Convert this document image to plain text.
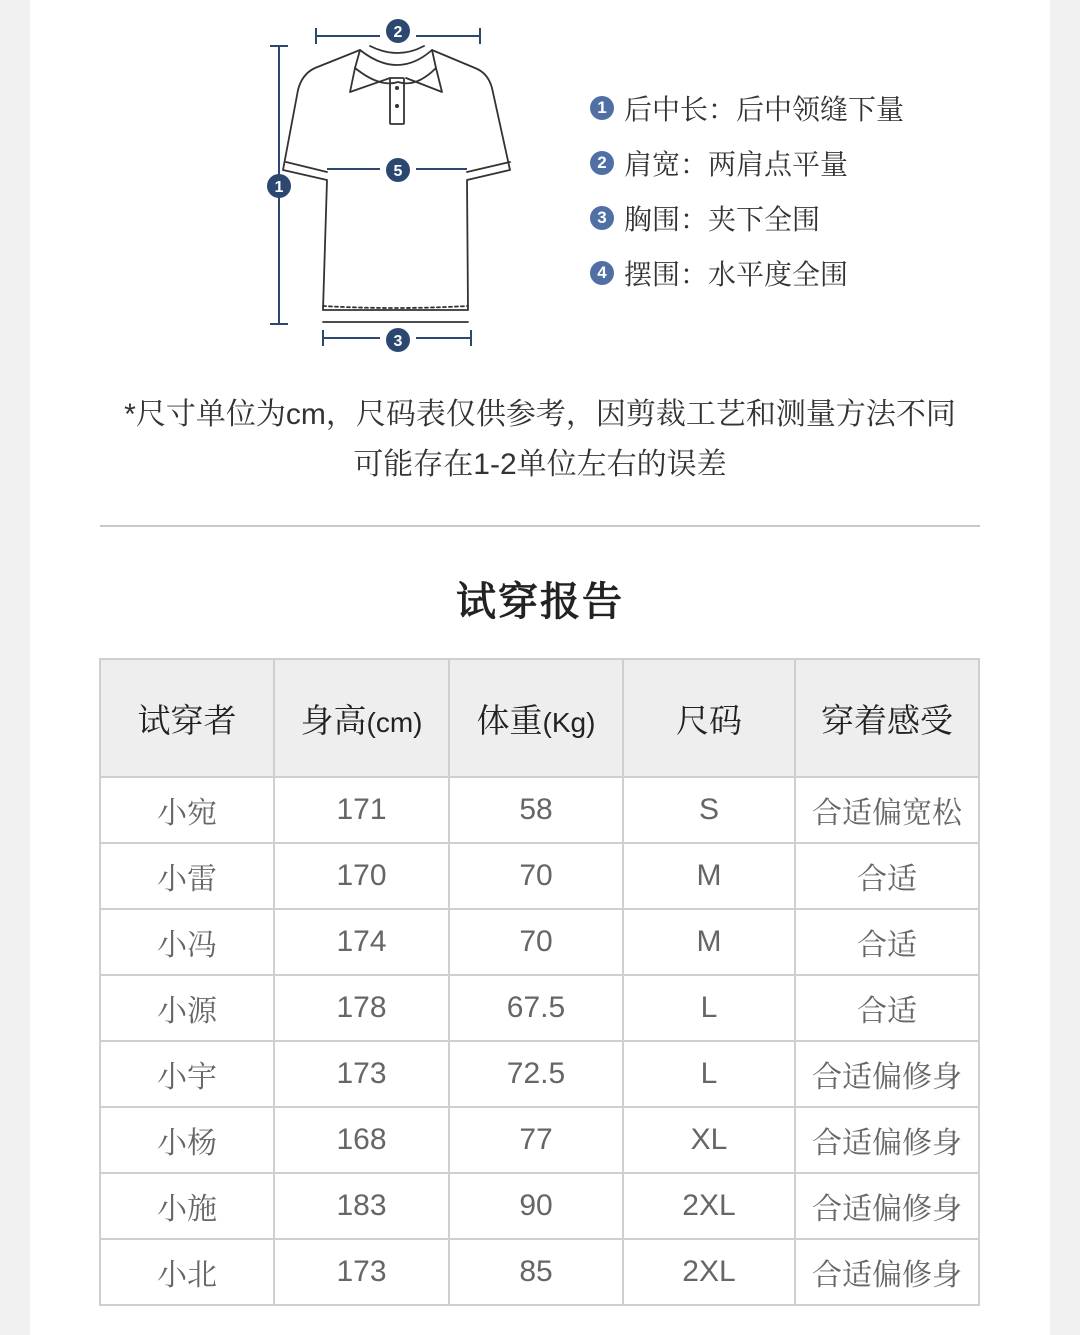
1
2
3
5
1 后中长：后中领缝下量
2 肩宽：两肩点平量
3 胸围：夹下全围
4 摆围：水平度全围
*尺寸单位为cm，尺码表仅供参考，因剪裁工艺和测量方法不同
可能存在1-2单位左右的误差
试穿报告
试穿者	身高(cm)	体重(Kg)	尺码	穿着感受
小宛	171	58	S	合适偏宽松
小雷	170	70	M	合适
小冯	174	70	M	合适
小源	178	67.5	L	合适
小宇	173	72.5	L	合适偏修身
小杨	168	77	XL	合适偏修身
小施	183	90	2XL	合适偏修身
小北	173	85	2XL	合适偏修身
